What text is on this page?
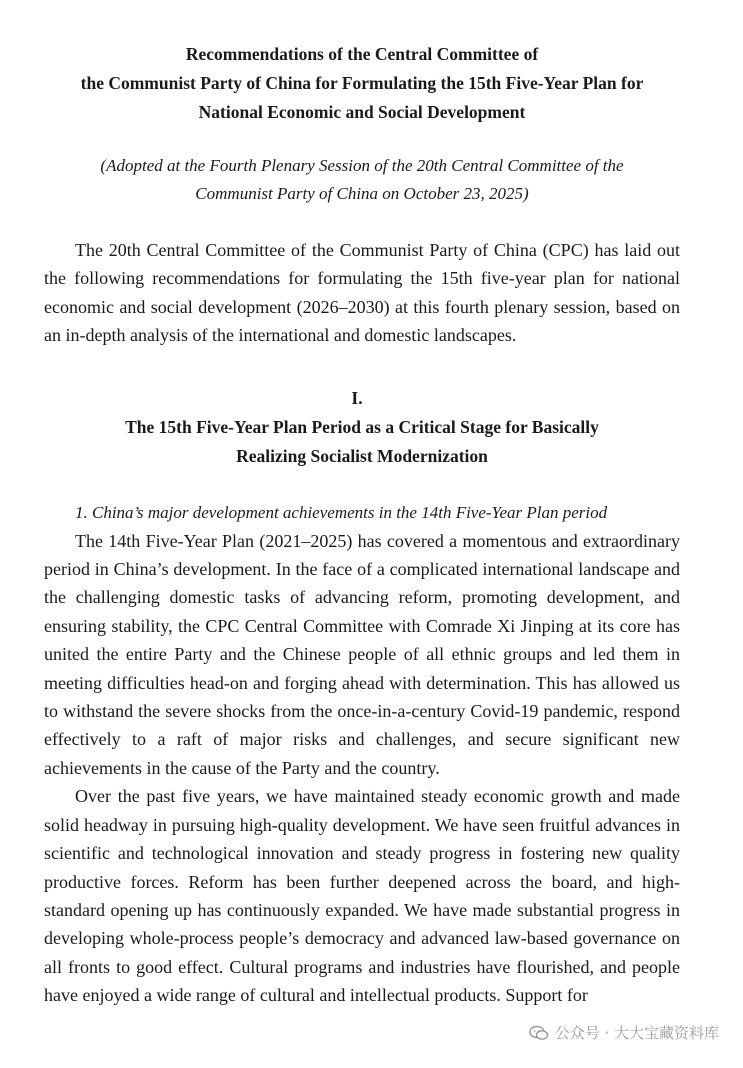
Recommendations of the Central Committee of
the Communist Party of China for Formulating the 15th Five-Year Plan for
National Economic and Social Development

(Adopted at the Fourth Plenary Session of the 20th Central Committee of the
Communist Party of China on October 23, 2025)

The 20th Central Committee of the Communist Party of China (CPC) has laid out the following recommendations for formulating the 15th five-year plan for national economic and social development (2026–2030) at this fourth plenary session, based on an in-depth analysis of the international and domestic landscapes.

I.
The 15th Five-Year Plan Period as a Critical Stage for Basically
Realizing Socialist Modernization

1. China’s major development achievements in the 14th Five-Year Plan period

The 14th Five-Year Plan (2021–2025) has covered a momentous and extraordinary period in China’s development. In the face of a complicated international landscape and the challenging domestic tasks of advancing reform, promoting development, and ensuring stability, the CPC Central Committee with Comrade Xi Jinping at its core has united the entire Party and the Chinese people of all ethnic groups and led them in meeting difficulties head-on and forging ahead with determination. This has allowed us to withstand the severe shocks from the once-in-a-century Covid-19 pandemic, respond effectively to a raft of major risks and challenges, and secure significant new achievements in the cause of the Party and the country.

Over the past five years, we have maintained steady economic growth and made solid headway in pursuing high-quality development. We have seen fruitful advances in scientific and technological innovation and steady progress in fostering new quality productive forces. Reform has been further deepened across the board, and high-standard opening up has continuously expanded. We have made substantial progress in developing whole-process people’s democracy and advanced law-based governance on all fronts to good effect. Cultural programs and industries have flourished, and people have enjoyed a wide range of cultural and intellectual products. Support for

公众号 · 大大宝藏资料库
